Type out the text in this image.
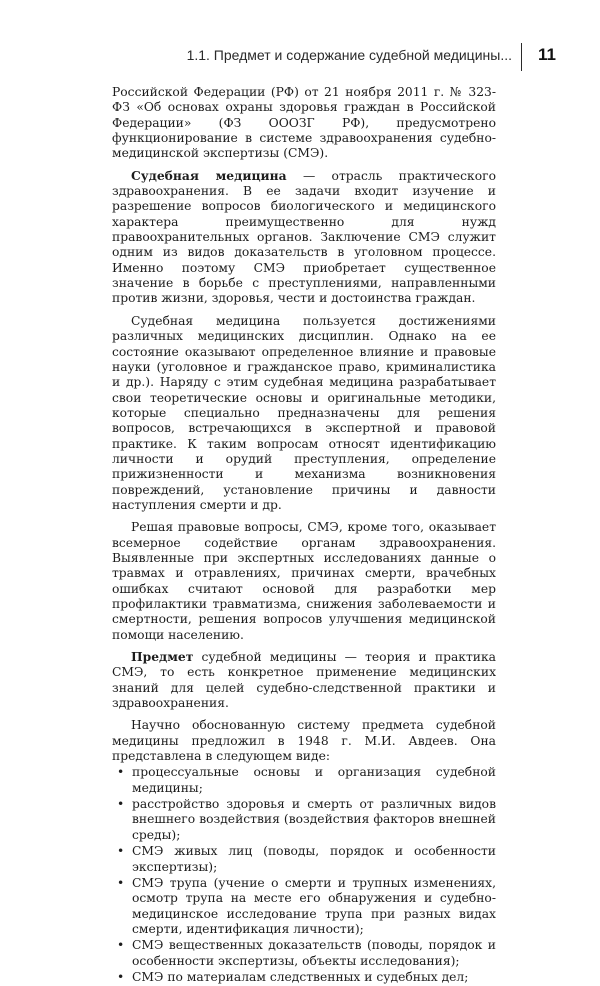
1.1. Предмет и содержание судебной медицины...	11

Российской Федерации (РФ) от 21 ноября 2011 г. № 323-ФЗ «Об основах охраны здоровья граждан в Российской Федерации» (ФЗ ОООЗГ РФ), предусмотрено функционирование в системе здравоохранения судебно-медицинской экспертизы (СМЭ).

Судебная медицина — отрасль практического здравоохранения. В ее задачи входит изучение и разрешение вопросов биологического и медицинского характера преимущественно для нужд правоохранительных органов. Заключение СМЭ служит одним из видов доказательств в уголовном процессе. Именно поэтому СМЭ приобретает существенное значение в борьбе с преступлениями, направленными против жизни, здоровья, чести и достоинства граждан.

Судебная медицина пользуется достижениями различных медицинских дисциплин. Однако на ее состояние оказывают определенное влияние и правовые науки (уголовное и гражданское право, криминалистика и др.). Наряду с этим судебная медицина разрабатывает свои теоретические основы и оригинальные методики, которые специально предназначены для решения вопросов, встречающихся в экспертной и правовой практике. К таким вопросам относят идентификацию личности и орудий преступления, определение прижизненности и механизма возникновения повреждений, установление причины и давности наступления смерти и др.

Решая правовые вопросы, СМЭ, кроме того, оказывает всемерное содействие органам здравоохранения. Выявленные при экспертных исследованиях данные о травмах и отравлениях, причинах смерти, врачебных ошибках считают основой для разработки мер профилактики травматизма, снижения заболеваемости и смертности, решения вопросов улучшения медицинской помощи населению.

Предмет судебной медицины — теория и практика СМЭ, то есть конкретное применение медицинских знаний для целей судебно-следственной практики и здравоохранения.

Научно обоснованную систему предмета судебной медицины предложил в 1948 г. М.И. Авдеев. Она представлена в следующем виде:

• процессуальные основы и организация судебной медицины;
• расстройство здоровья и смерть от различных видов внешнего воздействия (воздействия факторов внешней среды);
• СМЭ живых лиц (поводы, порядок и особенности экспертизы);
• СМЭ трупа (учение о смерти и трупных изменениях, осмотр трупа на месте его обнаружения и судебно-медицинское исследование трупа при разных видах смерти, идентификация личности);
• СМЭ вещественных доказательств (поводы, порядок и особенности экспертизы, объекты исследования);
• СМЭ по материалам следственных и судебных дел;
